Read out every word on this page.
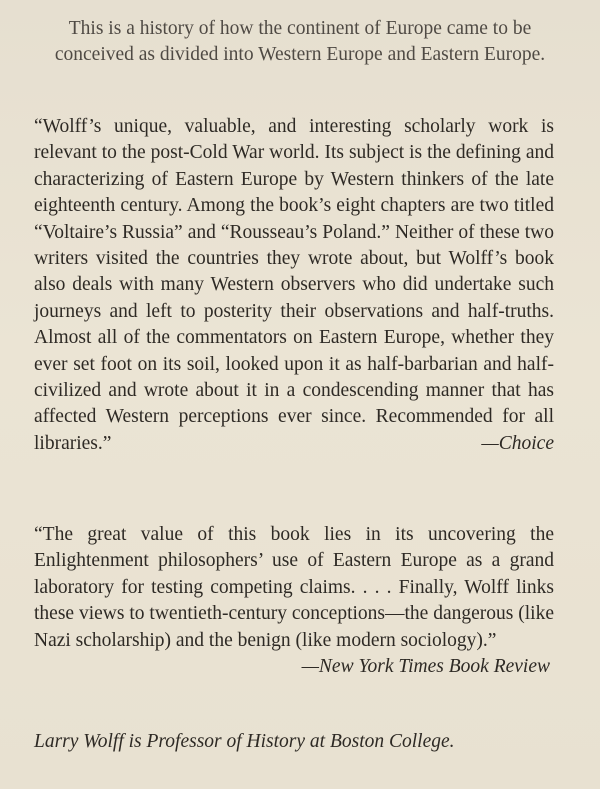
This is a history of how the continent of Europe came to be conceived as divided into Western Europe and Eastern Europe.

“Wolff’s unique, valuable, and interesting scholarly work is relevant to the post-Cold War world. Its subject is the defining and characterizing of Eastern Europe by Western thinkers of the late eighteenth century. Among the book’s eight chapters are two titled “Voltaire’s Russia” and “Rousseau’s Poland.” Neither of these two writers visited the countries they wrote about, but Wolff’s book also deals with many Western observers who did undertake such journeys and left to posterity their observations and half-truths. Almost all of the commentators on Eastern Europe, whether they ever set foot on its soil, looked upon it as half-barbarian and half-civilized and wrote about it in a condescending manner that has affected Western perceptions ever since. Recommended for all libraries.”	—Choice
“The great value of this book lies in its uncovering the Enlightenment philosophers’ use of Eastern Europe as a grand laboratory for testing competing claims. . . . Finally, Wolff links these views to twentieth-century conceptions—the dangerous (like Nazi scholarship) and the benign (like modern sociology).”
—New York Times Book Review

Larry Wolff is Professor of History at Boston College.
